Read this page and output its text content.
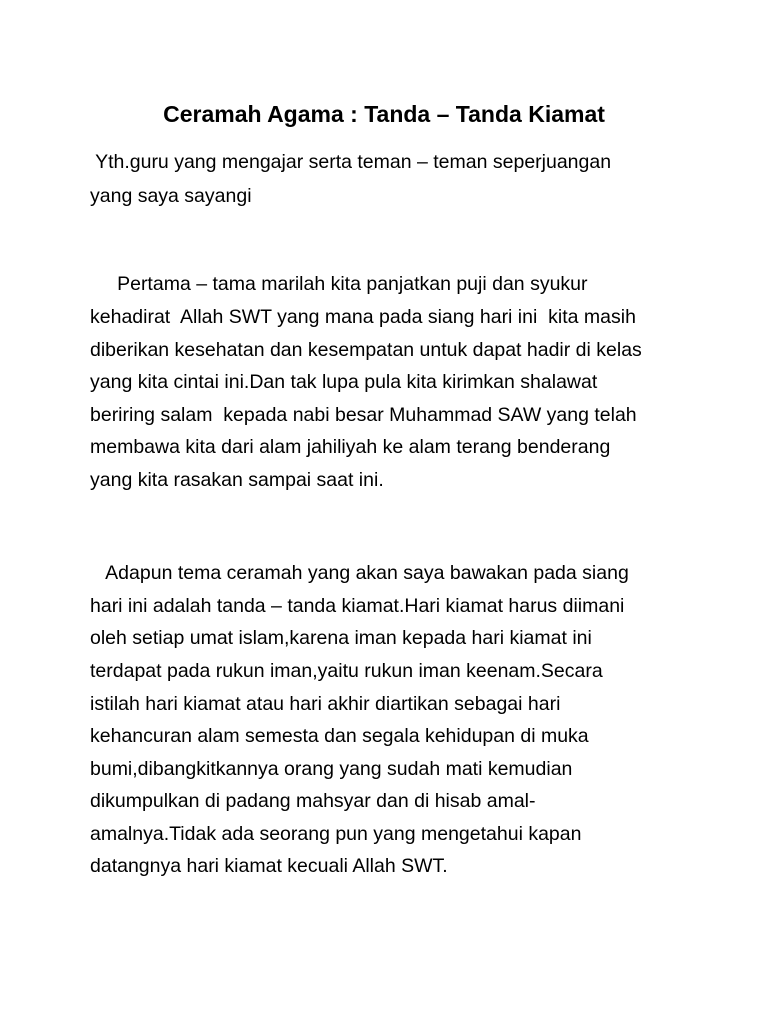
Ceramah Agama : Tanda – Tanda Kiamat
Yth.guru yang mengajar serta teman – teman seperjuangan
yang saya sayangi
Pertama – tama marilah kita panjatkan puji dan syukur
kehadirat  Allah SWT yang mana pada siang hari ini  kita masih
diberikan kesehatan dan kesempatan untuk dapat hadir di kelas
yang kita cintai ini.Dan tak lupa pula kita kirimkan shalawat
beriring salam  kepada nabi besar Muhammad SAW yang telah
membawa kita dari alam jahiliyah ke alam terang benderang
yang kita rasakan sampai saat ini.
Adapun tema ceramah yang akan saya bawakan pada siang
hari ini adalah tanda – tanda kiamat.Hari kiamat harus diimani
oleh setiap umat islam,karena iman kepada hari kiamat ini
terdapat pada rukun iman,yaitu rukun iman keenam.Secara
istilah hari kiamat atau hari akhir diartikan sebagai hari
kehancuran alam semesta dan segala kehidupan di muka
bumi,dibangkitkannya orang yang sudah mati kemudian
dikumpulkan di padang mahsyar dan di hisab amal-
amalnya.Tidak ada seorang pun yang mengetahui kapan
datangnya hari kiamat kecuali Allah SWT.
